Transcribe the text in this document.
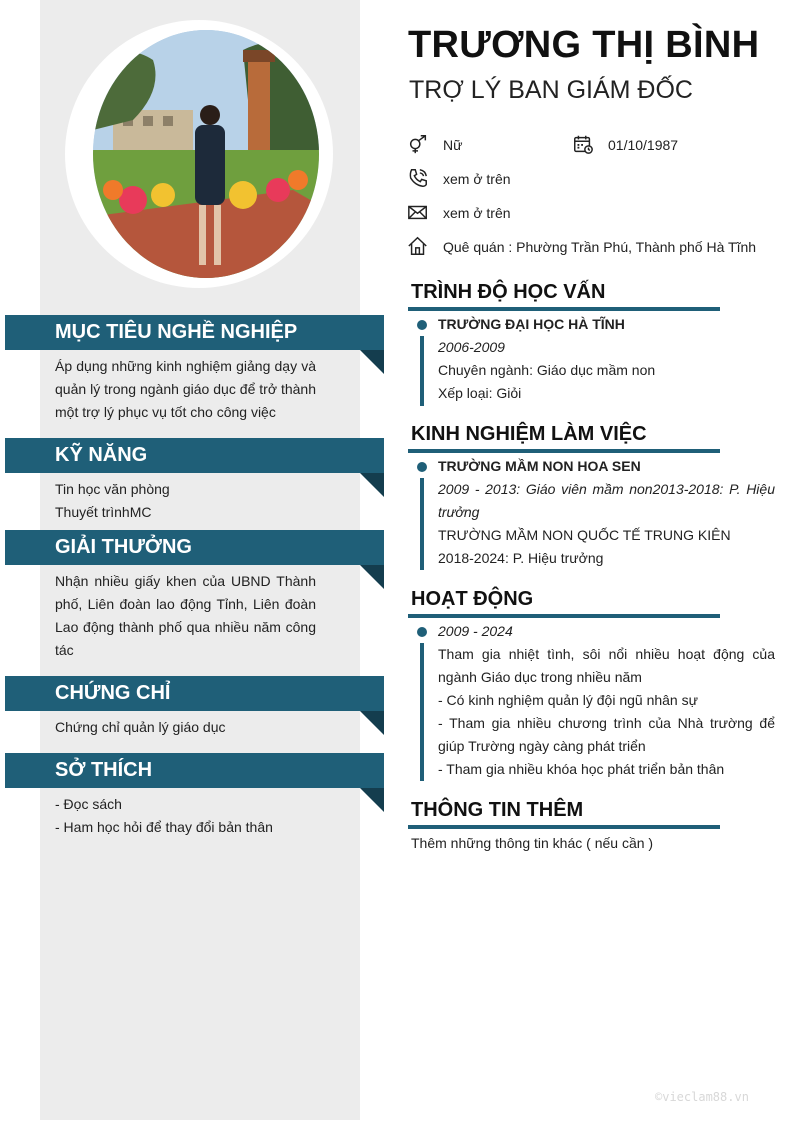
MỤC TIÊU NGHỀ NGHIỆP
Áp dụng những kinh nghiệm giảng dạy và quản lý trong ngành giáo dục để trở thành một trợ lý phục vụ tốt cho công việc
KỸ NĂNG
Tin học văn phòng
Thuyết trìnhMC
GIẢI THƯỞNG
Nhận nhiều giấy khen của UBND Thành phố, Liên đoàn lao động Tỉnh, Liên đoàn Lao động thành phố qua nhiều năm công tác
CHỨNG CHỈ
Chứng chỉ quản lý giáo dục
SỞ THÍCH
- Đọc sách
- Ham học hỏi để thay đổi bản thân
TRƯƠNG THỊ BÌNH
TRỢ LÝ BAN GIÁM ĐỐC
Nữ	01/10/1987
xem ở trên
xem ở trên
Quê quán : Phường Trần Phú, Thành phố Hà Tĩnh
TRÌNH ĐỘ HỌC VẤN
TRƯỜNG ĐẠI HỌC HÀ TĨNH
2006-2009
Chuyên ngành: Giáo dục mầm non
Xếp loại: Giỏi
KINH NGHIỆM LÀM VIỆC
TRƯỜNG MẦM NON HOA SEN
2009 - 2013: Giáo viên mầm non2013-2018: P. Hiệu trưởng
TRƯỜNG MẦM NON QUỐC TẾ TRUNG KIÊN
2018-2024: P. Hiệu trưởng
HOẠT ĐỘNG
2009 - 2024
Tham gia nhiệt tình, sôi nổi nhiều hoạt động của ngành Giáo dục trong nhiều năm
- Có kinh nghiệm quản lý đội ngũ nhân sự
- Tham gia nhiều chương trình của Nhà trường để giúp Trường ngày càng phát triển
- Tham gia nhiều khóa học phát triển bản thân
THÔNG TIN THÊM
Thêm những thông tin khác ( nếu cần )
©vieclam88.vn
